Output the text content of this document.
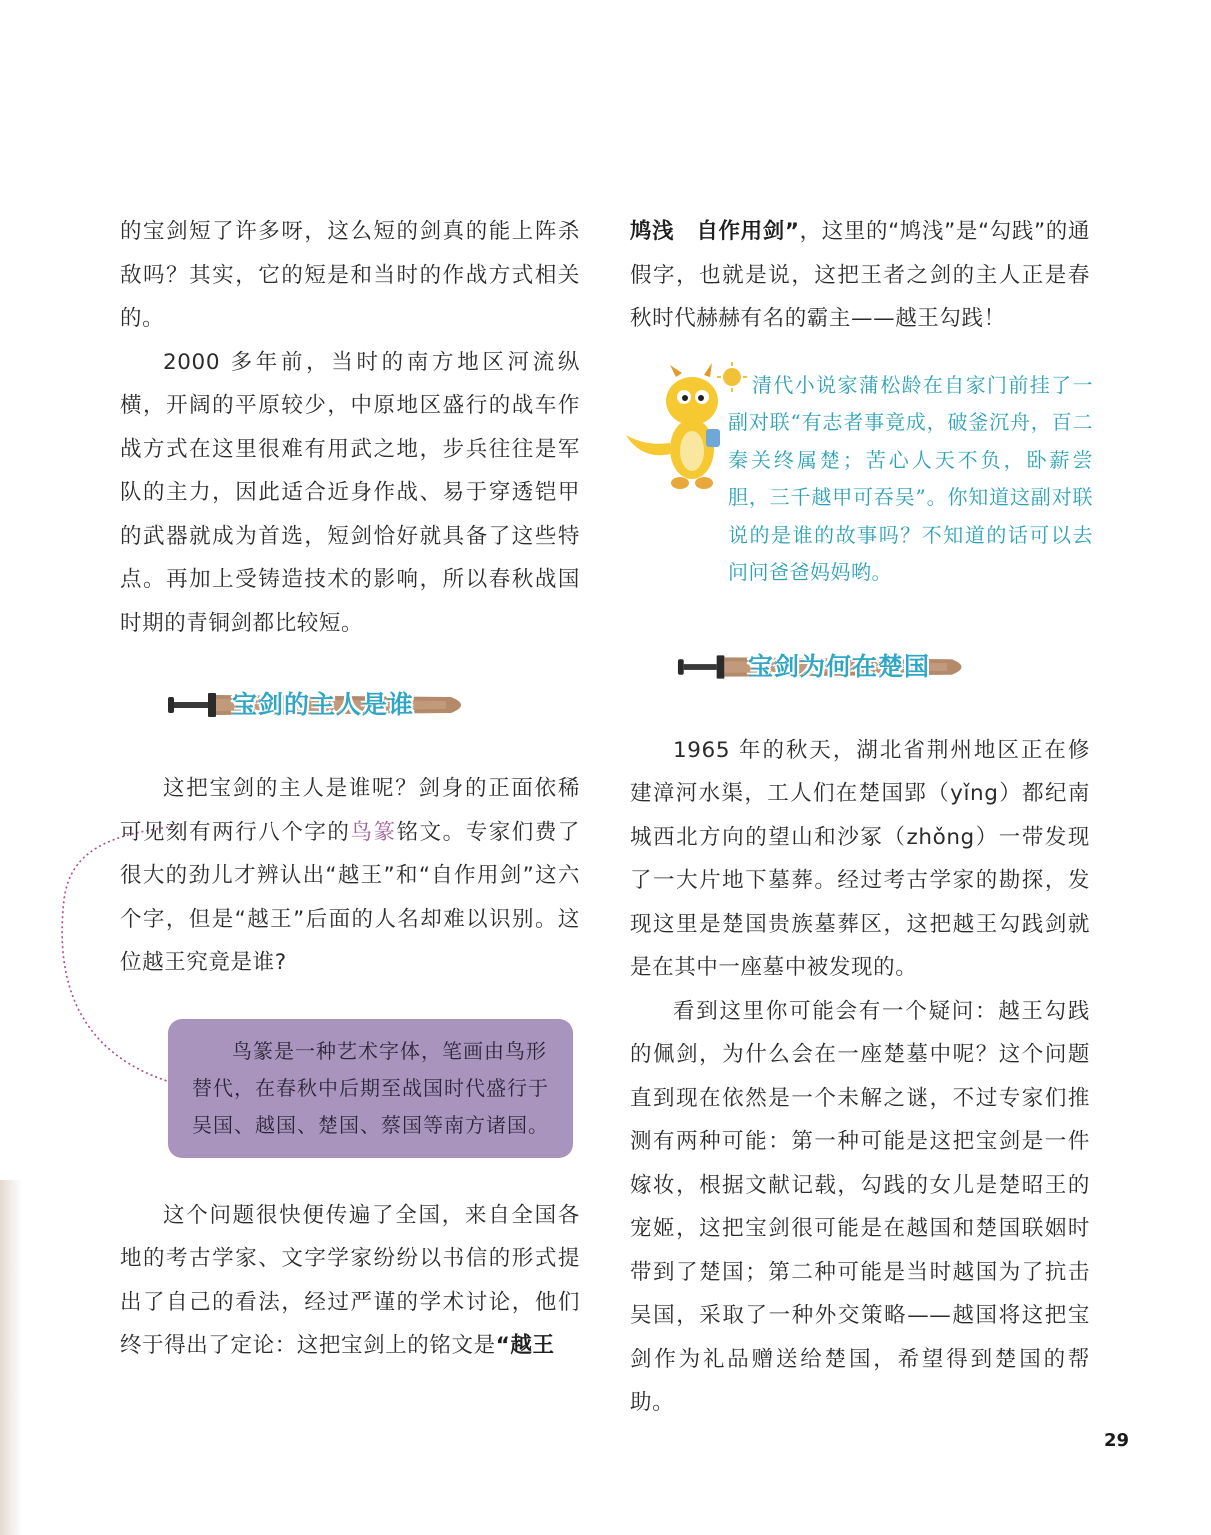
的宝剑短了许多呀，这么短的剑真的能上阵杀敌吗？其实，它的短是和当时的作战方式相关的。

2000 多年前，当时的南方地区河流纵横，开阔的平原较少，中原地区盛行的战车作战方式在这里很难有用武之地，步兵往往是军队的主力，因此适合近身作战、易于穿透铠甲的武器就成为首选，短剑恰好就具备了这些特点。再加上受铸造技术的影响，所以春秋战国时期的青铜剑都比较短。

宝剑的主人是谁

这把宝剑的主人是谁呢？剑身的正面依稀可见刻有两行八个字的鸟篆铭文。专家们费了很大的劲儿才辨认出“越王”和“自作用剑”这六个字，但是“越王”后面的人名却难以识别。这位越王究竟是谁?

鸟篆是一种艺术字体，笔画由鸟形替代，在春秋中后期至战国时代盛行于吴国、越国、楚国、蔡国等南方诸国。

这个问题很快便传遍了全国，来自全国各地的考古学家、文字学家纷纷以书信的形式提出了自己的看法，经过严谨的学术讨论，他们终于得出了定论：这把宝剑上的铭文是“越王

鸠浅　自作用剑”，这里的“鸠浅”是“勾践”的通假字，也就是说，这把王者之剑的主人正是春秋时代赫赫有名的霸主——越王勾践！

清代小说家蒲松龄在自家门前挂了一副对联“有志者事竟成，破釜沉舟，百二秦关终属楚；苦心人天不负，卧薪尝胆，三千越甲可吞吴”。你知道这副对联说的是谁的故事吗？不知道的话可以去问问爸爸妈妈哟。
宝剑为何在楚国

1965 年的秋天，湖北省荆州地区正在修建漳河水渠，工人们在楚国郢（yǐng）都纪南城西北方向的望山和沙冢（zhǒng）一带发现了一大片地下墓葬。经过考古学家的勘探，发现这里是楚国贵族墓葬区，这把越王勾践剑就是在其中一座墓中被发现的。

看到这里你可能会有一个疑问：越王勾践的佩剑，为什么会在一座楚墓中呢？这个问题直到现在依然是一个未解之谜，不过专家们推测有两种可能：第一种可能是这把宝剑是一件嫁妆，根据文献记载，勾践的女儿是楚昭王的宠姬，这把宝剑很可能是在越国和楚国联姻时带到了楚国；第二种可能是当时越国为了抗击吴国，采取了一种外交策略——越国将这把宝剑作为礼品赠送给楚国，希望得到楚国的帮助。

29
